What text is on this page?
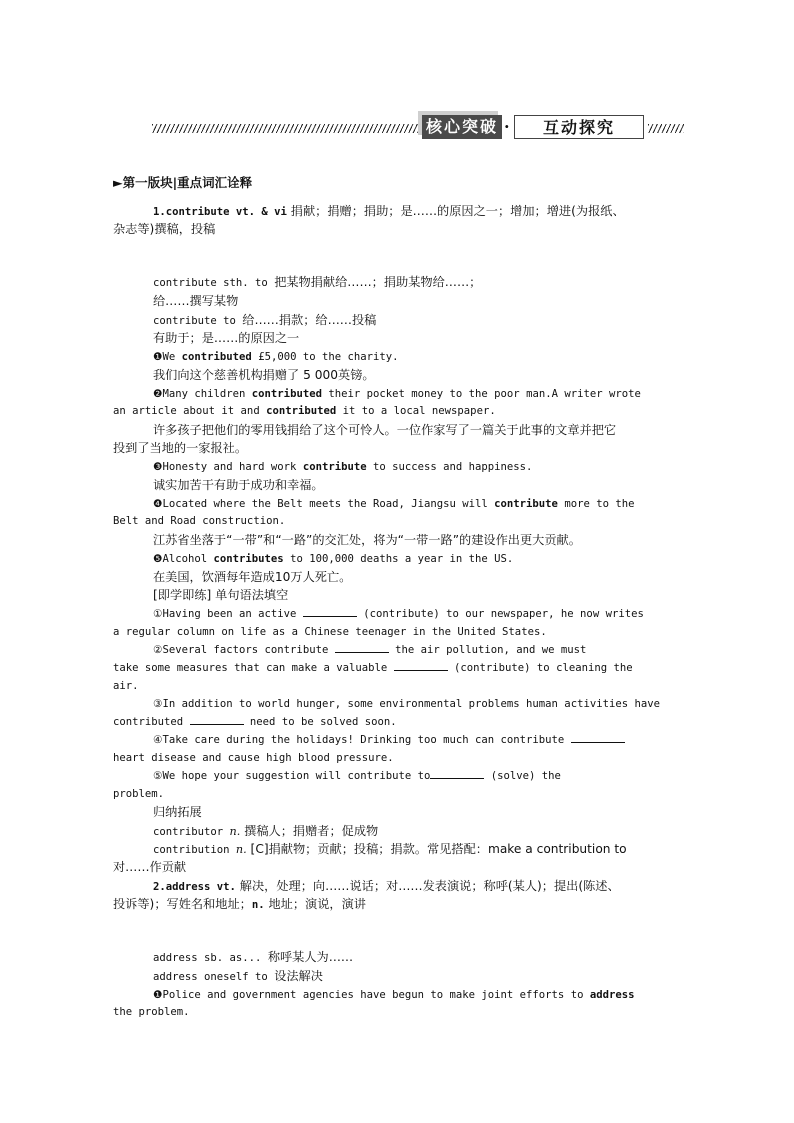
核心突破 ·	互动探究
►第一版块|重点词汇诠释
1.contribute vt. & vi 捐献；捐赠；捐助；是……的原因之一；增加；增进(为报纸、
杂志等)撰稿，投稿
contribute sth. to 把某物捐献给……；捐助某物给……；
给……撰写某物
contribute to 给……捐款；给……投稿
有助于；是……的原因之一
❶We contributed £5,000 to the charity.
我们向这个慈善机构捐赠了 5 000英镑。
❷Many children contributed their pocket money to the poor man.A writer wrote
an article about it and contributed it to a local newspaper.
许多孩子把他们的零用钱捐给了这个可怜人。一位作家写了一篇关于此事的文章并把它
投到了当地的一家报社。
❸Honesty and hard work contribute to success and happiness.
诚实加苦干有助于成功和幸福。
❹Located where the Belt meets the Road, Jiangsu will contribute more to the
Belt and Road construction.
江苏省坐落于“一带”和“一路”的交汇处，将为“一带一路”的建设作出更大贡献。
❺Alcohol contributes to 100,000 deaths a year in the US.
在美国，饮酒每年造成10万人死亡。
[即学即练] 单句语法填空
①Having been an active	(contribute) to our newspaper, he now writes
a regular column on life as a Chinese teenager in the United States.
②Several factors contribute	the air pollution, and we must
take some measures that can make a valuable	(contribute) to cleaning the
air.
③In addition to world hunger, some environmental problems human activities have
contributed	need to be solved soon.
④Take care during the holidays! Drinking too much can contribute
heart disease and cause high blood pressure.
⑤We hope your suggestion will contribute to	(solve) the
problem.
归纳拓展
contributor n. 撰稿人；捐赠者；促成物
contribution n. [C]捐献物；贡献；投稿；捐款。常见搭配：make a contribution to
对……作贡献
2.address vt. 解决，处理；向……说话；对……发表演说；称呼(某人)；提出(陈述、
投诉等)；写姓名和地址；n. 地址；演说，演讲
address sb. as... 称呼某人为……
address oneself to 设法解决
❶Police and government agencies have begun to make joint efforts to address
the problem.
